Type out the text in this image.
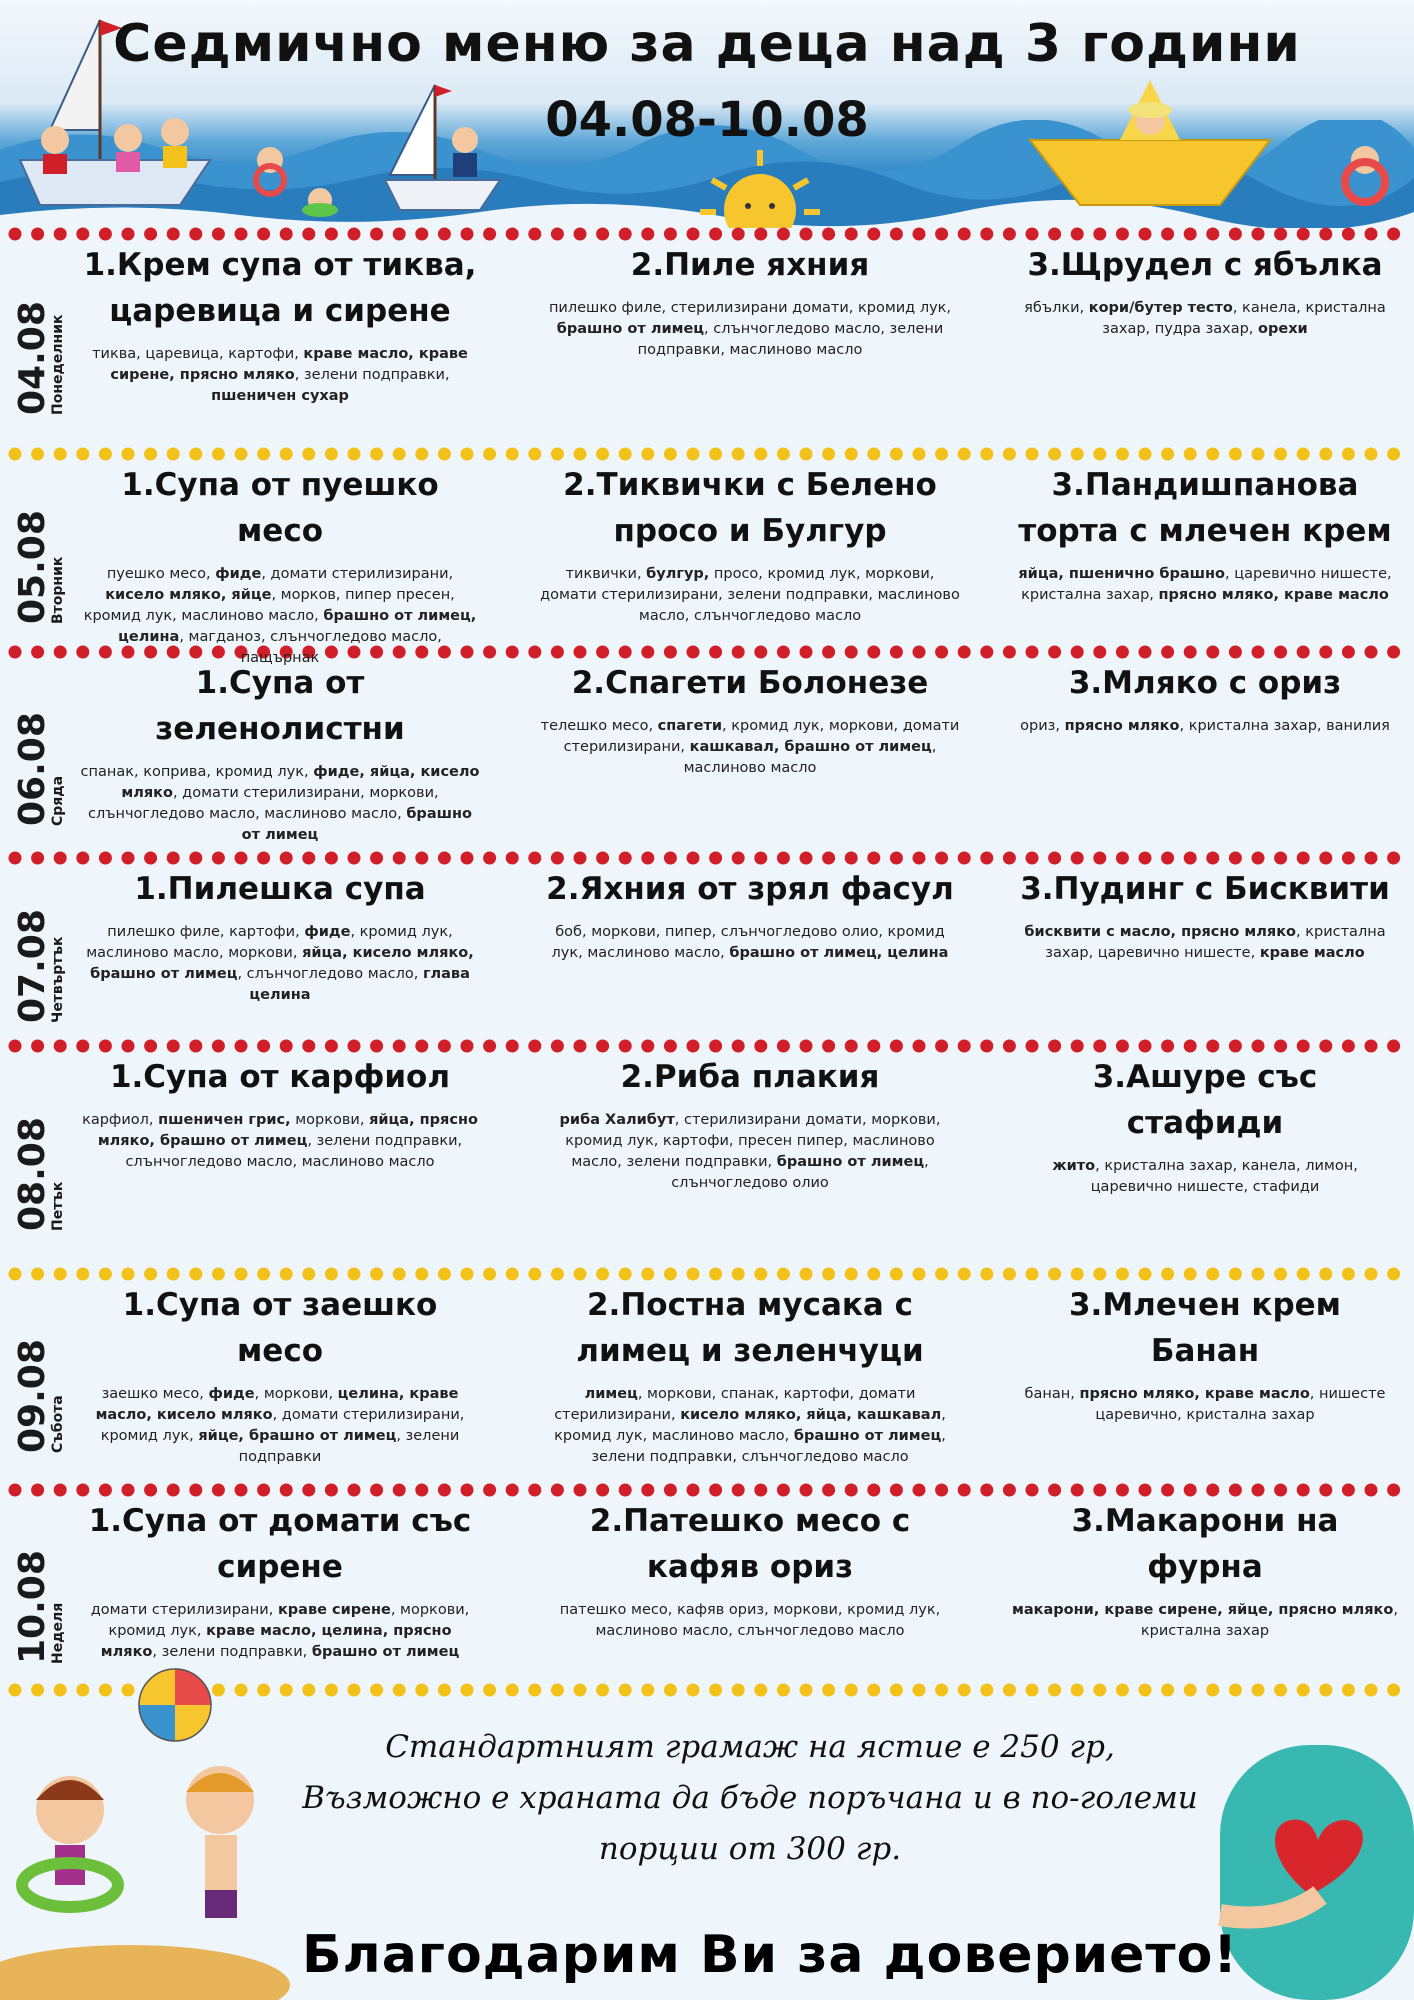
Седмично меню за деца над 3 години
04.08-10.08
04.08
Понеделник
1.Крем супа от тиква, царевица и сирене
тиква, царевица, картофи, краве масло, краве сирене, прясно мляко, зелени подправки, пшеничен сухар
2.Пиле яхния
пилешко филе, стерилизирани домати, кромид лук, брашно от лимец, слънчогледово масло, зелени подправки, маслиново масло
3.Щрудел с ябълка
ябълки, кори/бутер тесто, канела, кристална захар, пудра захар, орехи
05.08
Вторник
1.Супа от пуешко месо
пуешко месо, фиде, домати стерилизирани, кисело мляко, яйце, морков, пипер пресен, кромид лук, маслиново масло, брашно от лимец, целина, магданоз, слънчогледово масло, пащърнак
2.Тиквички с Белено просо и Булгур
тиквички, булгур, просо, кромид лук, моркови, домати стерилизирани, зелени подправки, маслиново масло, слънчогледово масло
3.Пандишпанова торта с млечен крем
яйца, пшенично брашно, царевично нишесте, кристална захар, прясно мляко, краве масло
06.08
Сряда
1.Супа от зеленолистни
спанак, коприва, кромид лук, фиде, яйца, кисело мляко, домати стерилизирани, моркови, слънчогледово масло, маслиново масло, брашно от лимец
2.Спагети Болонезе
телешко месо, спагети, кромид лук, моркови, домати стерилизирани, кашкавал, брашно от лимец, маслиново масло
3.Мляко с ориз
ориз, прясно мляко, кристална захар, ванилия
07.08
Четвъртък
1.Пилешка супа
пилешко филе, картофи, фиде, кромид лук, маслиново масло, моркови, яйца, кисело мляко, брашно от лимец, слънчогледово масло, глава целина
2.Яхния от зрял фасул
боб, моркови, пипер, слънчогледово олио, кромид лук, маслиново масло, брашно от лимец, целина
3.Пудинг с Бисквити
бисквити с масло, прясно мляко, кристална захар, царевично нишесте, краве масло
08.08
Петък
1.Супа от карфиол
карфиол, пшеничен грис, моркови, яйца, прясно мляко, брашно от лимец, зелени подправки, слънчогледово масло, маслиново масло
2.Риба плакия
риба Халибут, стерилизирани домати, моркови, кромид лук, картофи, пресен пипер, маслиново масло, зелени подправки, брашно от лимец, слънчогледово олио
3.Ашуре със стафиди
жито, кристална захар, канела, лимон, царевично нишесте, стафиди
09.08
Събота
1.Супа от заешко месо
заешко месо, фиде, моркови, целина, краве масло, кисело мляко, домати стерилизирани, кромид лук, яйце, брашно от лимец, зелени подправки
2.Постна мусака с лимец и зеленчуци
лимец, моркови, спанак, картофи, домати стерилизирани, кисело мляко, яйца, кашкавал, кромид лук, маслиново масло, брашно от лимец, зелени подправки, слънчогледово масло
3.Млечен крем Банан
банан, прясно мляко, краве масло, нишесте царевично, кристална захар
10.08
Неделя
1.Супа от домати със сирене
домати стерилизирани, краве сирене, моркови, кромид лук, краве масло, целина, прясно мляко, зелени подправки, брашно от лимец
2.Патешко месо с кафяв ориз
патешко месо, кафяв ориз, моркови, кромид лук, маслиново масло, слънчогледово масло
3.Макарони на фурна
макарони, краве сирене, яйце, прясно мляко, кристална захар
Стандартният грамаж на ястие е 250 гр, Възможно е храната да бъде поръчана и в по-големи порции от 300 гр.
Благодарим Ви за доверието!
